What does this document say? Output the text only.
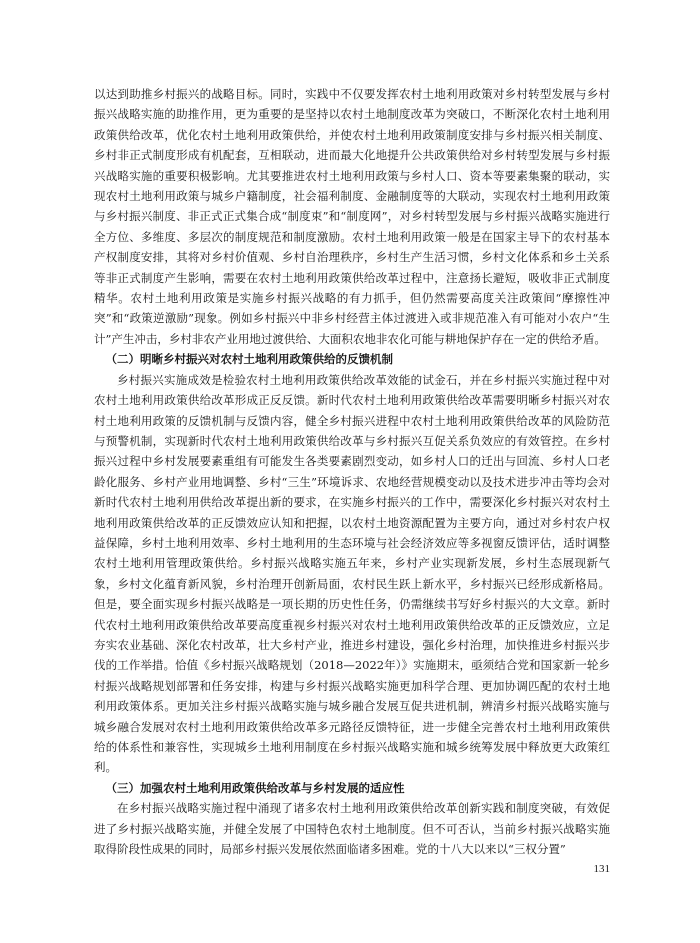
以达到助推乡村振兴的战略目标。同时，实践中不仅要发挥农村土地利用政策对乡村转型发展与乡村振兴战略实施的助推作用，更为重要的是坚持以农村土地制度改革为突破口，不断深化农村土地利用政策供给改革，优化农村土地利用政策供给，并使农村土地利用政策制度安排与乡村振兴相关制度、乡村非正式制度形成有机配套，互相联动，进而最大化地提升公共政策供给对乡村转型发展与乡村振兴战略实施的重要积极影响。尤其要推进农村土地利用政策与乡村人口、资本等要素集聚的联动，实现农村土地利用政策与城乡户籍制度，社会福利制度、金融制度等的大联动，实现农村土地利用政策与乡村振兴制度、非正式正式集合成“制度束”和“制度网”，对乡村转型发展与乡村振兴战略实施进行全方位、多维度、多层次的制度规范和制度激励。农村土地利用政策一般是在国家主导下的农村基本产权制度安排，其将对乡村价值观、乡村自治理秩序，乡村生产生活习惯，乡村文化体系和乡土关系等非正式制度产生影响，需要在农村土地利用政策供给改革过程中，注意扬长避短，吸收非正式制度精华。农村土地利用政策是实施乡村振兴战略的有力抓手，但仍然需要高度关注政策间“摩擦性冲突”和“政策逆激励”现象。例如乡村振兴中非乡村经营主体过渡进入或非规范准入有可能对小农户“生计”产生冲击，乡村非农产业用地过渡供给、大面积农地非农化可能与耕地保护存在一定的供给矛盾。

（二）明晰乡村振兴对农村土地利用政策供给的反馈机制

乡村振兴实施成效是检验农村土地利用政策供给改革效能的试金石，并在乡村振兴实施过程中对农村土地利用政策供给改革形成正反反馈。新时代农村土地利用政策供给改革需要明晰乡村振兴对农村土地利用政策的反馈机制与反馈内容，健全乡村振兴进程中农村土地利用政策供给改革的风险防范与预警机制，实现新时代农村土地利用政策供给改革与乡村振兴互促关系负效应的有效管控。在乡村振兴过程中乡村发展要素重组有可能发生各类要素剧烈变动，如乡村人口的迁出与回流、乡村人口老龄化服务、乡村产业用地调整、乡村“三生”环境诉求、农地经营规模变动以及技术进步冲击等均会对新时代农村土地利用供给改革提出新的要求，在实施乡村振兴的工作中，需要深化乡村振兴对农村土地利用政策供给改革的正反馈效应认知和把握，以农村土地资源配置为主要方向，通过对乡村农户权益保障，乡村土地利用效率、乡村土地利用的生态环境与社会经济效应等多视窗反馈评估，适时调整农村土地利用管理政策供给。乡村振兴战略实施五年来，乡村产业实现新发展，乡村生态展现新气象，乡村文化蕴育新风貌，乡村治理开创新局面，农村民生跃上新水平，乡村振兴已经形成新格局。但是，要全面实现乡村振兴战略是一项长期的历史性任务，仍需继续书写好乡村振兴的大文章。新时代农村土地利用政策供给改革要高度重视乡村振兴对农村土地利用政策供给改革的正反馈效应，立足夯实农业基础、深化农村改革，壮大乡村产业，推进乡村建设，强化乡村治理，加快推进乡村振兴步伐的工作举措。恰值《乡村振兴战略规划（2018—2022年）》实施期末，亟须结合党和国家新一轮乡村振兴战略规划部署和任务安排，构建与乡村振兴战略实施更加科学合理、更加协调匹配的农村土地利用政策体系。更加关注乡村振兴战略实施与城乡融合发展互促共进机制，辨清乡村振兴战略实施与城乡融合发展对农村土地利用政策供给改革多元路径反馈特征，进一步健全完善农村土地利用政策供给的体系性和兼容性，实现城乡土地利用制度在乡村振兴战略实施和城乡统筹发展中释放更大政策红利。

（三）加强农村土地利用政策供给改革与乡村发展的适应性

在乡村振兴战略实施过程中涌现了诸多农村土地利用政策供给改革创新实践和制度突破，有效促进了乡村振兴战略实施，并健全发展了中国特色农村土地制度。但不可否认，当前乡村振兴战略实施取得阶段性成果的同时，局部乡村振兴发展依然面临诸多困难。党的十八大以来以“三权分置”

131
